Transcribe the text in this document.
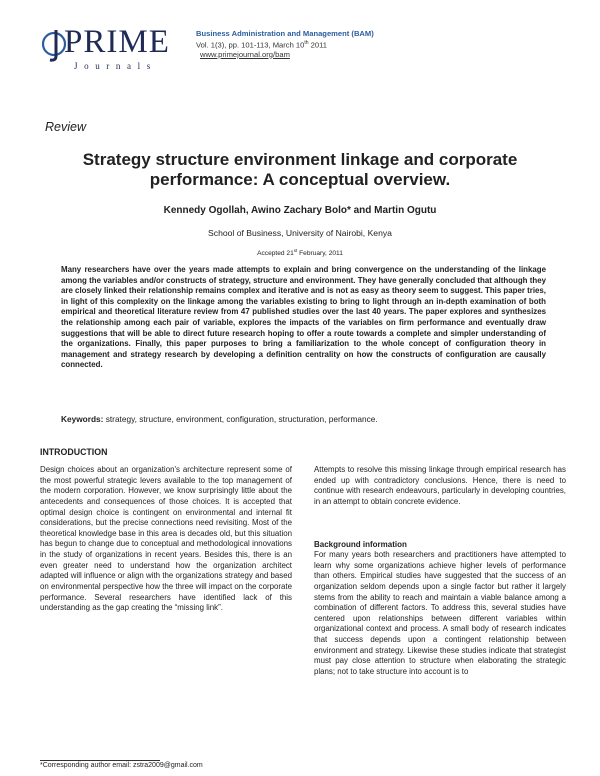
PRIME
Journals
Business Administration and Management (BAM)
Vol. 1(3), pp. 101-113, March 10th 2011
www.primejournal.org/bam
Review
Strategy structure environment linkage and corporate performance: A conceptual overview.
Kennedy Ogollah, Awino Zachary Bolo* and Martin Ogutu
School of Business, University of Nairobi, Kenya
Accepted 21st February, 2011
Many researchers have over the years made attempts to explain and bring convergence on the understanding of the linkage among the variables and/or constructs of strategy, structure and environment. They have generally concluded that although they are closely linked their relationship remains complex and iterative and is not as easy as theory seem to suggest. This paper tries, in light of this complexity on the linkage among the variables existing to bring to light through an in-depth examination of both empirical and theoretical literature review from 47 published studies over the last 40 years. The paper explores and synthesizes the relationship among each pair of variable, explores the impacts of the variables on firm performance and eventually draw suggestions that will be able to direct future research hoping to offer a route towards a complete and simpler understanding of the organizations. Finally, this paper purposes to bring a familiarization to the whole concept of configuration theory in management and strategy research by developing a definition centrality on how the constructs of configuration are causally connected.
Keywords: strategy, structure, environment, configuration, structuration, performance.
INTRODUCTION
Design choices about an organization's architecture represent some of the most powerful strategic levers available to the top management of the modern corporation. However, we know surprisingly little about the antecedents and consequences of those choices. It is accepted that optimal design choice is contingent on environmental and internal fit considerations, but the precise connections need revisiting. Most of the theoretical knowledge base in this area is decades old, but this situation has begun to change due to conceptual and methodological innovations in the study of organizations in recent years. Besides this, there is an even greater need to understand how the organization architect adapted will influence or align with the organizations strategy and based on environmental perspective how the three will impact on the corporate performance. Several researchers have identified lack of this understanding as the gap creating the “missing link”.
Attempts to resolve this missing linkage through empirical research has ended up with contradictory conclusions. Hence, there is need to continue with research endeavours, particularly in developing countries, in an attempt to obtain concrete evidence.
Background information
For many years both researchers and practitioners have attempted to learn why some organizations achieve higher levels of performance than others. Empirical studies have suggested that the success of an organization seldom depends upon a single factor but rather it largely stems from the ability to reach and maintain a viable balance among a combination of different factors. To address this, several studies have centered upon relationships between different variables within organizational context and process. A small body of research indicates that success depends upon a contingent relationship between environment and strategy. Likewise these studies indicate that strategist must pay close attention to structure when elaborating the strategic plans; not to take structure into account is to
*Corresponding author email: zstra2009@gmail.com
